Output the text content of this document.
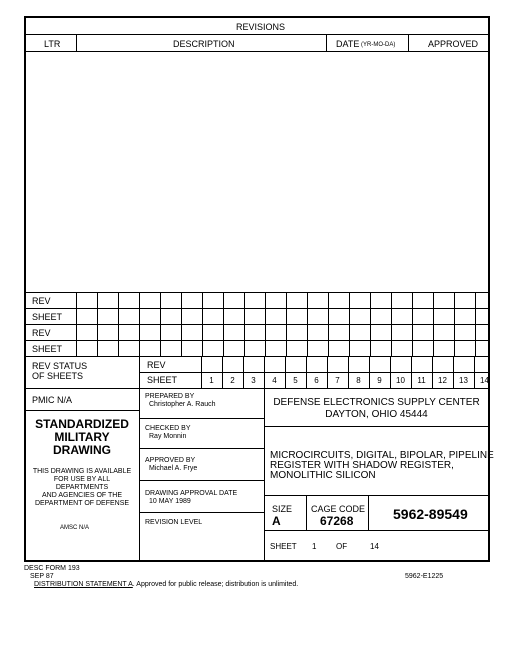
REVISIONS
LTR	DESCRIPTION	DATE (YR-MO-DA)	APPROVED
REV
SHEET
REV
SHEET
REV STATUS
OF SHEETS
REV
SHEET	1	2	3	4	5	6	7	8	9	10	11	12	13	14
PMIC N/A
STANDARDIZED
MILITARY
DRAWING
THIS DRAWING IS AVAILABLE
FOR USE BY ALL
DEPARTMENTS
AND AGENCIES OF THE
DEPARTMENT OF DEFENSE
AMSC N/A
PREPARED BY
Christopher A. Rauch
CHECKED BY
Ray Monnin
APPROVED BY
Michael A. Frye
DRAWING APPROVAL DATE
10 MAY 1989
REVISION LEVEL
DEFENSE ELECTRONICS SUPPLY CENTER
DAYTON, OHIO 45444
MICROCIRCUITS, DIGITAL, BIPOLAR, PIPELINE
REGISTER WITH SHADOW REGISTER,
MONOLITHIC SILICON
SIZE
A
CAGE CODE
67268	5962-89549
SHEET 1 OF	14
DESC FORM 193
SEP 87
DISTRIBUTION STATEMENT A. Approved for public release; distribution is unlimited.
5962-E1225
